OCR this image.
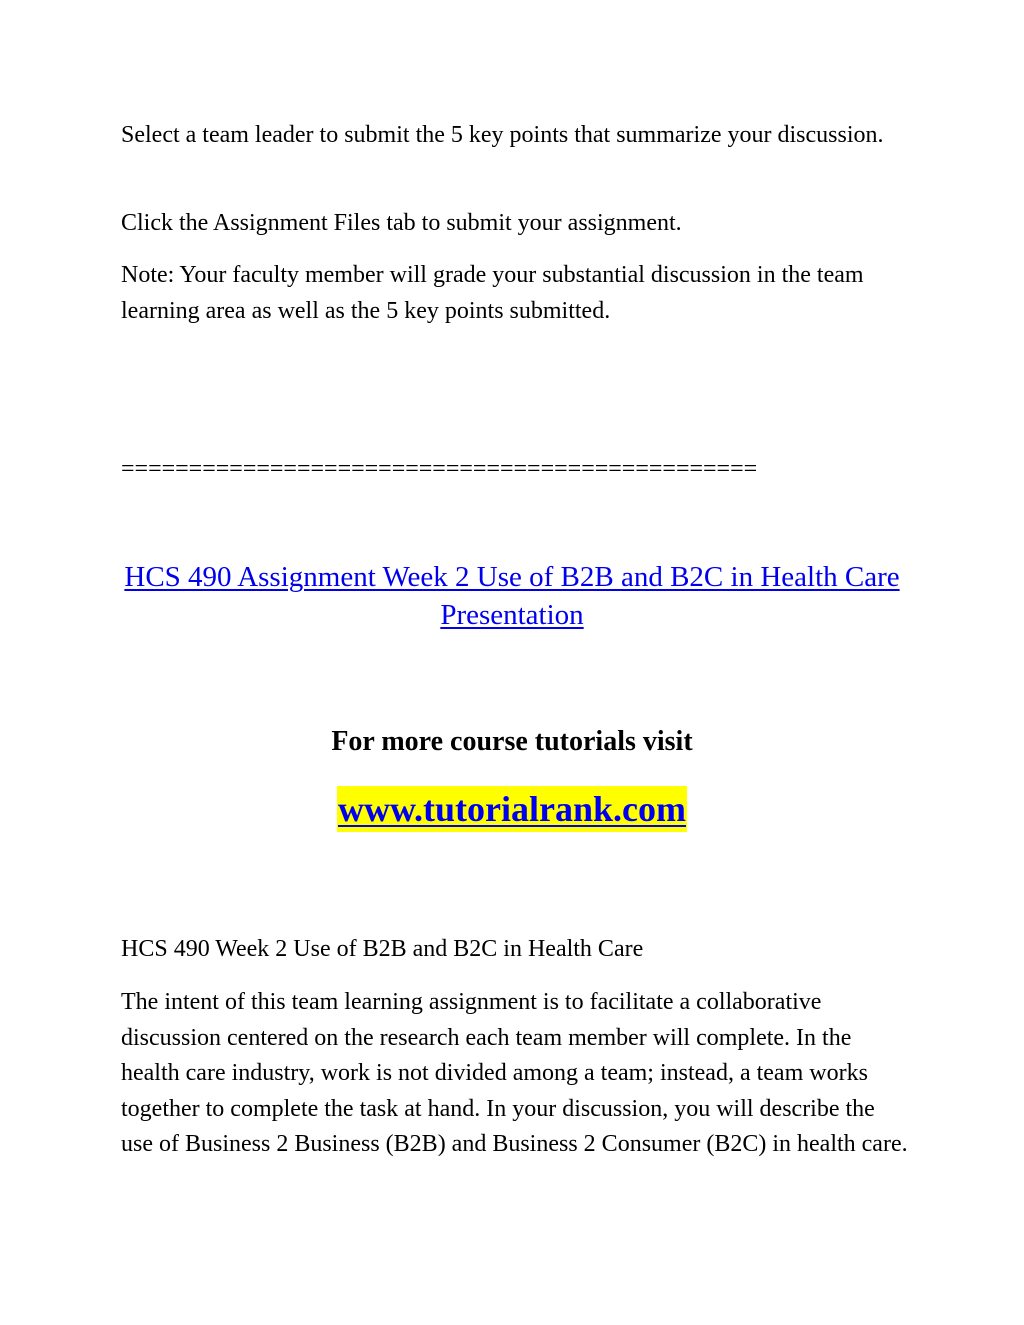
Select a team leader to submit the 5 key points that summarize your discussion.

Click the Assignment Files tab to submit your assignment.

Note: Your faculty member will grade your substantial discussion in the team learning area as well as the 5 key points submitted.

===============================================

HCS 490 Assignment Week 2 Use of B2B and B2C in Health Care Presentation

For more course tutorials visit

www.tutorialrank.com

HCS 490 Week 2 Use of B2B and B2C in Health Care

The intent of this team learning assignment is to facilitate a collaborative discussion centered on the research each team member will complete. In the health care industry, work is not divided among a team; instead, a team works together to complete the task at hand. In your discussion, you will describe the use of Business 2 Business (B2B) and Business 2 Consumer (B2C) in health care.
